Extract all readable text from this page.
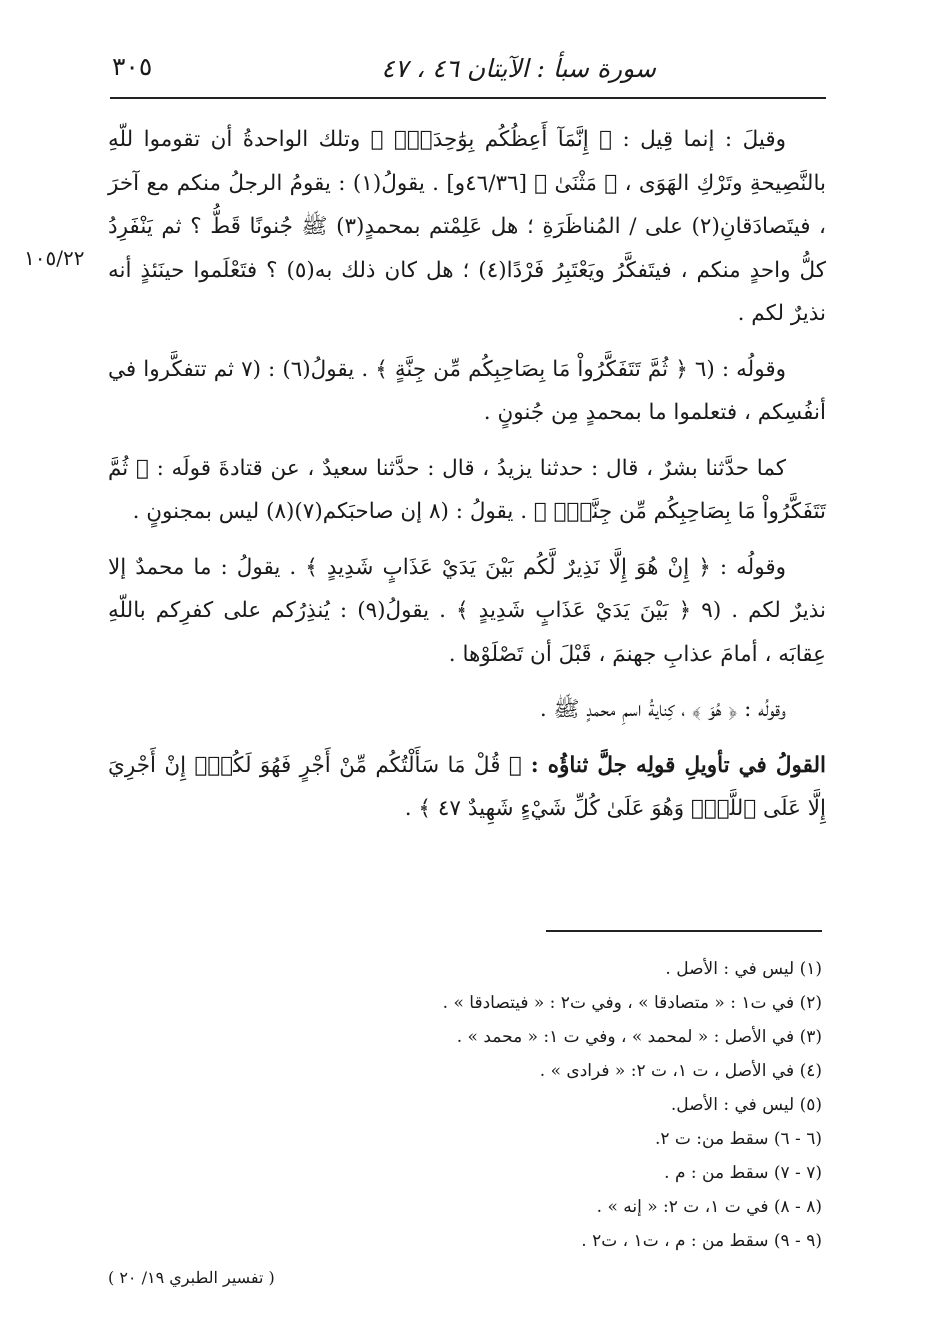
سورة سبأ : الآيتان ٤٦ ، ٤٧
٣٠٥
١٠٥/٢٢

وقيلَ : إنما قِيل : ﴿ إِنَّمَآ أَعِظُكُم بِوَٰحِدَةٍۖ ﴾ وتلك الواحدةُ أن تقوموا للّهِ بالنَّصِيحةِ وتَرْكِ الهَوَى ، ﴿ مَثْنَىٰ ﴾ [٤٦/٣٦و] . يقولُ(١) : يقومُ الرجلُ منكم مع آخرَ ، فيتَصادَقانِ(٢) على / المُناظَرَةِ ؛ هل عَلِمْتم بمحمدٍ(٣) ﷺ جُنونًا قَطُّ ؟ ثم يَنْفَرِدُ كلُّ واحدٍ منكم ، فيتَفكَّرُ ويَعْتَبِرُ فَرْدًا(٤) ؛ هل كان ذلك به(٥) ؟ فتَعْلَموا حينَئذٍ أنه نذيرٌ لكم .

وقولُه : (٦ ﴿ ثُمَّ تَتَفَكَّرُواْ مَا بِصَاحِبِكُم مِّن جِنَّةٍ ﴾ . يقولُ(٦) : (٧ ثم تتفكَّروا في أنفُسِكم ، فتعلموا ما بمحمدٍ مِن جُنونٍ .

كما حدَّثنا بشرٌ ، قال : حدثنا يزيدُ ، قال : حدَّثنا سعيدٌ ، عن قتادةَ قولَه : ﴿ ثُمَّ تَتَفَكَّرُواْ مَا بِصَاحِبِكُم مِّن جِنَّةٍۚ ﴾ . يقولُ : (٨ إن صاحبَكم(٧)(٨) ليس بمجنونٍ .

وقولُه : ﴿ إِنْ هُوَ إِلَّا نَذِيرٌ لَّكُم بَيْنَ يَدَيْ عَذَابٍ شَدِيدٍ ﴾ . يقولُ : ما محمدٌ إلا نذيرٌ لكم . (٩ ﴿ بَيْنَ يَدَيْ عَذَابٍ شَدِيدٍ ﴾ . يقولُ(٩) : يُنذِرُكم على كفرِكم باللّهِ عِقابَه ، أمامَ عذابِ جهنمَ ، قَبْلَ أن تَصْلَوْها .

وقولُه : ﴿ هُوَ ﴾ ، كِنايةُ اسمِ محمدٍ ﷺ .

القولُ في تأويلِ قولِه جلَّ ثناؤُه : ﴿ قُلْ مَا سَأَلْتُكُم مِّنْ أَجْرٍ فَهُوَ لَكُمْۖ إِنْ أَجْرِيَ إِلَّا عَلَى ٱللَّهِۖ وَهُوَ عَلَىٰ كُلِّ شَيْءٍ شَهِيدٌ ٤٧ ﴾ .

(١) ليس في : الأصل .
(٢) في ت١ : « متصادقا » ، وفي ت٢ : « فيتصادقا » .
(٣) في الأصل : « لمحمد » ، وفي ت ١: « محمد » .
(٤) في الأصل ، ت ١، ت ٢: « فرادى » .
(٥) ليس في : الأصل.
(٦ - ٦) سقط من: ت ٢.
(٧ - ٧) سقط من : م .
(٨ - ٨) في ت ١، ت ٢: « إنه » .
(٩ - ٩) سقط من : م ، ت١ ، ت٢ .
( تفسير الطبري ١٩/ ٢٠ )
